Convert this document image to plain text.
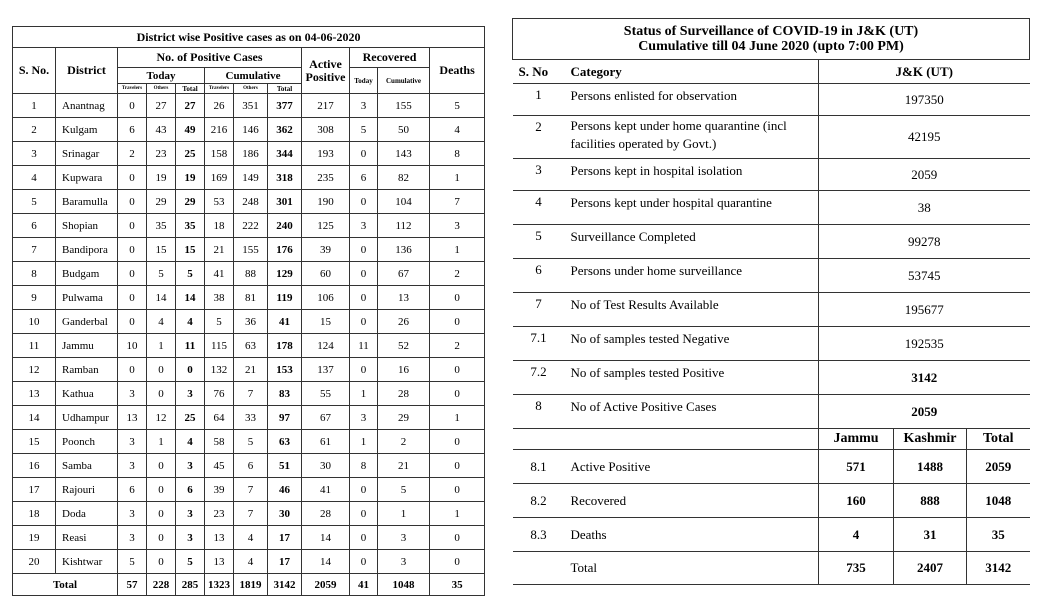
District wise Positive cases as on 04-06-2020											
S. No.	District	No. of Positive Cases						Active Positive	Recovered		Deaths
		Today			Cumulative				Today	Cumulative	
		Travelers	Others	Total	Travelers	Others	Total				
1	Anantnag	0	27	27	26	351	377	217	3	155	5
2	Kulgam	6	43	49	216	146	362	308	5	50	4
3	Srinagar	2	23	25	158	186	344	193	0	143	8
4	Kupwara	0	19	19	169	149	318	235	6	82	1
5	Baramulla	0	29	29	53	248	301	190	0	104	7
6	Shopian	0	35	35	18	222	240	125	3	112	3
7	Bandipora	0	15	15	21	155	176	39	0	136	1
8	Budgam	0	5	5	41	88	129	60	0	67	2
9	Pulwama	0	14	14	38	81	119	106	0	13	0
10	Ganderbal	0	4	4	5	36	41	15	0	26	0
11	Jammu	10	1	11	115	63	178	124	11	52	2
12	Ramban	0	0	0	132	21	153	137	0	16	0
13	Kathua	3	0	3	76	7	83	55	1	28	0
14	Udhampur	13	12	25	64	33	97	67	3	29	1
15	Poonch	3	1	4	58	5	63	61	1	2	0
16	Samba	3	0	3	45	6	51	30	8	21	0
17	Rajouri	6	0	6	39	7	46	41	0	5	0
18	Doda	3	0	3	23	7	30	28	0	1	1
19	Reasi	3	0	3	13	4	17	14	0	3	0
20	Kishtwar	5	0	5	13	4	17	14	0	3	0
Total		57	228	285	1323	1819	3142	2059	41	1048	35
Status of Surveillance of COVID-19 in J&K (UT)
Cumulative till 04 June 2020 (upto 7:00 PM)				

S. No	Category	J&K (UT)		
1	Persons enlisted for observation	197350		
2	Persons kept under home quarantine (incl facilities operated by Govt.)	42195		
3	Persons kept in hospital isolation	2059		
4	Persons kept under hospital quarantine	38		
5	Surveillance Completed	99278		
6	Persons under home surveillance	53745		
7	No of Test Results Available	195677		
7.1	No of samples tested Negative	192535		
7.2	No of samples tested Positive	3142		
8	No of Active Positive Cases	2059		
		Jammu	Kashmir	Total
8.1	Active Positive	571	1488	2059
8.2	Recovered	160	888	1048
8.3	Deaths	4	31	35
	Total	735	2407	3142
